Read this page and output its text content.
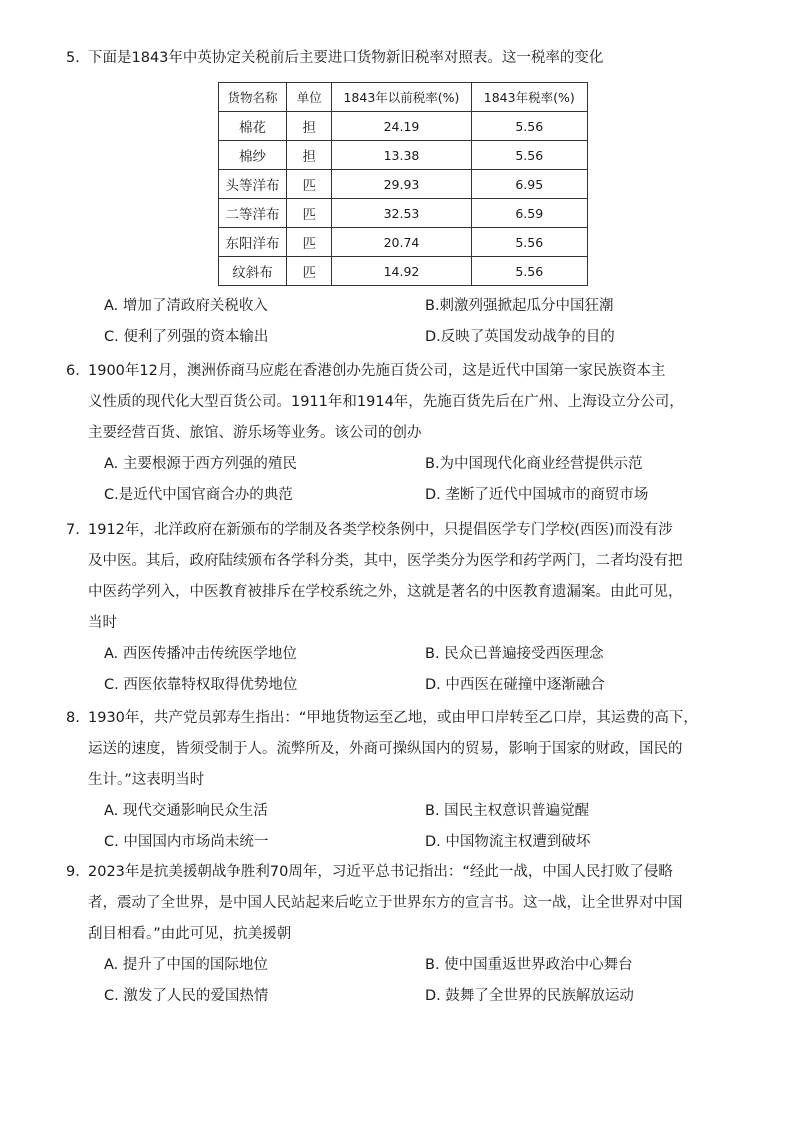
5. 下面是1843年中英协定关税前后主要进口货物新旧税率对照表。这一税率的变化
货物名称	单位	1843年以前税率(%)	1843年税率(%)
棉花	担	24.19	5.56
棉纱	担	13.38	5.56
头等洋布	匹	29.93	6.95
二等洋布	匹	32.53	6.59
东阳洋布	匹	20.74	5.56
纹斜布	匹	14.92	5.56
A. 增加了清政府关税收入	B.刺激列强掀起瓜分中国狂潮
C. 便利了列强的资本输出	D.反映了英国发动战争的目的
6. 1900年12月，澳洲侨商马应彪在香港创办先施百货公司，这是近代中国第一家民族资本主
义性质的现代化大型百货公司。1911年和1914年，先施百货先后在广州、上海设立分公司，
主要经营百货、旅馆、游乐场等业务。该公司的创办
A. 主要根源于西方列强的殖民	B.为中国现代化商业经营提供示范
C.是近代中国官商合办的典范	D. 垄断了近代中国城市的商贸市场
7. 1912年，北洋政府在新颁布的学制及各类学校条例中，只提倡医学专门学校(西医)而没有涉
及中医。其后，政府陆续颁布各学科分类，其中，医学类分为医学和药学两门，二者均没有把
中医药学列入，中医教育被排斥在学校系统之外，这就是著名的中医教育遗漏案。由此可见，
当时
A. 西医传播冲击传统医学地位	B. 民众已普遍接受西医理念
C. 西医依靠特权取得优势地位	D. 中西医在碰撞中逐渐融合
8. 1930年，共产党员郭寿生指出：“甲地货物运至乙地，或由甲口岸转至乙口岸，其运费的高下，
运送的速度，皆须受制于人。流弊所及，外商可操纵国内的贸易，影响于国家的财政，国民的
生计。”这表明当时
A. 现代交通影响民众生活	B. 国民主权意识普遍觉醒
C. 中国国内市场尚未统一	D. 中国物流主权遭到破坏
9. 2023年是抗美援朝战争胜利70周年，习近平总书记指出：“经此一战，中国人民打败了侵略
者，震动了全世界，是中国人民站起来后屹立于世界东方的宣言书。这一战，让全世界对中国
刮目相看。”由此可见，抗美援朝
A. 提升了中国的国际地位	B. 使中国重返世界政治中心舞台
C. 激发了人民的爱国热情	D. 鼓舞了全世界的民族解放运动
